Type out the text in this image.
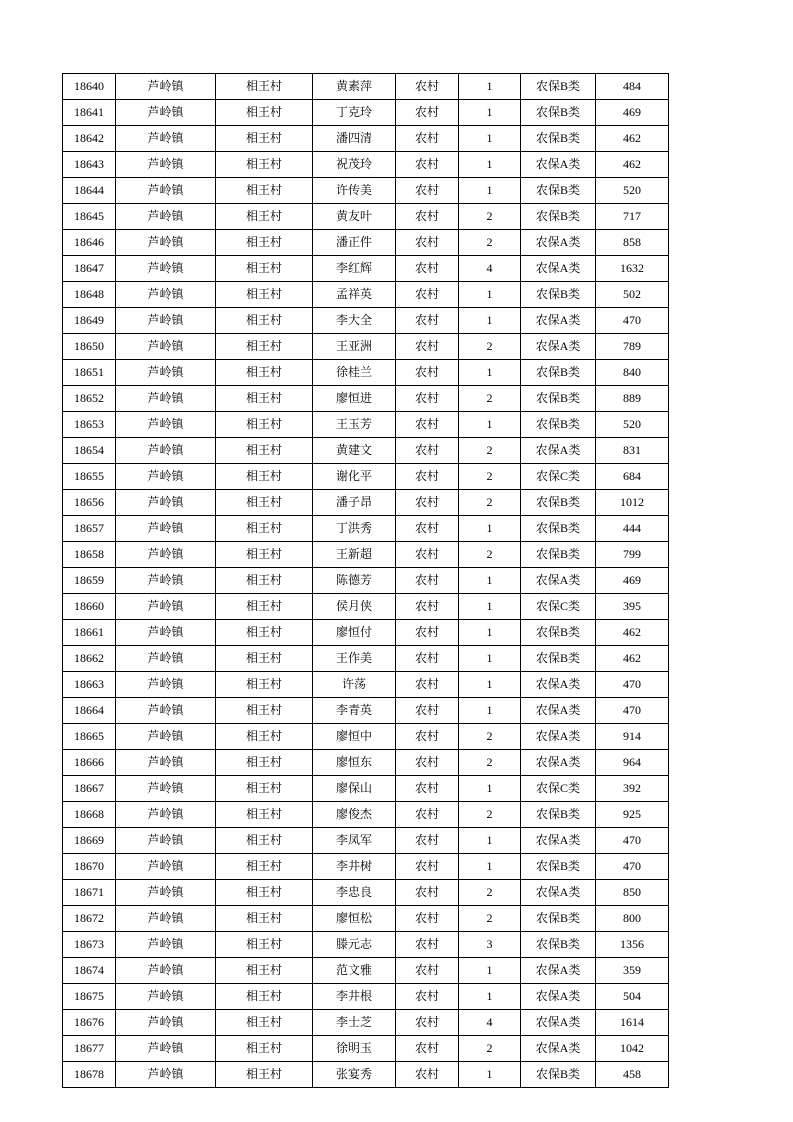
18640	芦岭镇	相王村	黄素萍	农村	1	农保B类	484
18641	芦岭镇	相王村	丁克玲	农村	1	农保B类	469
18642	芦岭镇	相王村	潘四清	农村	1	农保B类	462
18643	芦岭镇	相王村	祝茂玲	农村	1	农保A类	462
18644	芦岭镇	相王村	许传美	农村	1	农保B类	520
18645	芦岭镇	相王村	黄友叶	农村	2	农保B类	717
18646	芦岭镇	相王村	潘正件	农村	2	农保A类	858
18647	芦岭镇	相王村	李红辉	农村	4	农保A类	1632
18648	芦岭镇	相王村	孟祥英	农村	1	农保B类	502
18649	芦岭镇	相王村	李大全	农村	1	农保A类	470
18650	芦岭镇	相王村	王亚洲	农村	2	农保A类	789
18651	芦岭镇	相王村	徐桂兰	农村	1	农保B类	840
18652	芦岭镇	相王村	廖恒进	农村	2	农保B类	889
18653	芦岭镇	相王村	王玉芳	农村	1	农保B类	520
18654	芦岭镇	相王村	黄建文	农村	2	农保A类	831
18655	芦岭镇	相王村	谢化平	农村	2	农保C类	684
18656	芦岭镇	相王村	潘子昂	农村	2	农保B类	1012
18657	芦岭镇	相王村	丁洪秀	农村	1	农保B类	444
18658	芦岭镇	相王村	王新超	农村	2	农保B类	799
18659	芦岭镇	相王村	陈德芳	农村	1	农保A类	469
18660	芦岭镇	相王村	侯月侠	农村	1	农保C类	395
18661	芦岭镇	相王村	廖恒付	农村	1	农保B类	462
18662	芦岭镇	相王村	王作美	农村	1	农保B类	462
18663	芦岭镇	相王村	许荡	农村	1	农保A类	470
18664	芦岭镇	相王村	李青英	农村	1	农保A类	470
18665	芦岭镇	相王村	廖恒中	农村	2	农保A类	914
18666	芦岭镇	相王村	廖恒东	农村	2	农保A类	964
18667	芦岭镇	相王村	廖保山	农村	1	农保C类	392
18668	芦岭镇	相王村	廖俊杰	农村	2	农保B类	925
18669	芦岭镇	相王村	李凤军	农村	1	农保A类	470
18670	芦岭镇	相王村	李井树	农村	1	农保B类	470
18671	芦岭镇	相王村	李忠良	农村	2	农保A类	850
18672	芦岭镇	相王村	廖恒松	农村	2	农保B类	800
18673	芦岭镇	相王村	滕元志	农村	3	农保B类	1356
18674	芦岭镇	相王村	范文雅	农村	1	农保A类	359
18675	芦岭镇	相王村	李井根	农村	1	农保A类	504
18676	芦岭镇	相王村	李士芝	农村	4	农保A类	1614
18677	芦岭镇	相王村	徐明玉	农村	2	农保A类	1042
18678	芦岭镇	相王村	张宴秀	农村	1	农保B类	458
